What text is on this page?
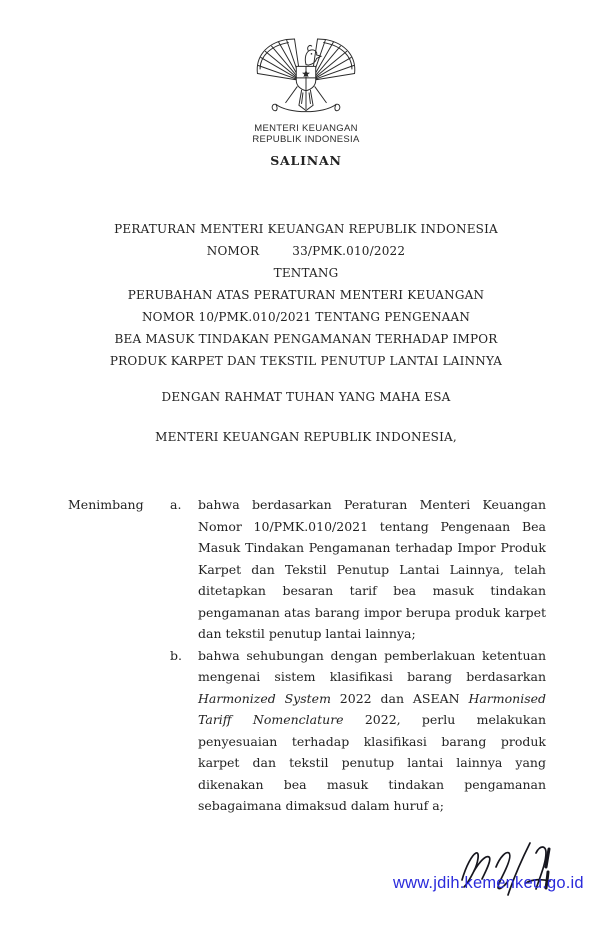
MENTERI KEUANGAN
REPUBLIK INDONESIA
SALINAN
PERATURAN MENTERI KEUANGAN REPUBLIK INDONESIA
NOMOR	33/PMK.010/2022
TENTANG
PERUBAHAN ATAS PERATURAN MENTERI KEUANGAN
NOMOR 10/PMK.010/2021 TENTANG PENGENAAN
BEA MASUK TINDAKAN PENGAMANAN TERHADAP IMPOR
PRODUK KARPET DAN TEKSTIL PENUTUP LANTAI LAINNYA
DENGAN RAHMAT TUHAN YANG MAHA ESA
MENTERI KEUANGAN REPUBLIK INDONESIA,
Menimbang	a.	bahwa berdasarkan Peraturan Menteri Keuangan Nomor 10/PMK.010/2021 tentang Pengenaan Bea Masuk Tindakan Pengamanan terhadap Impor Produk Karpet dan Tekstil Penutup Lantai Lainnya, telah ditetapkan besaran tarif bea masuk tindakan pengamanan atas barang impor berupa produk karpet dan tekstil penutup lantai lainnya;
b.	bahwa sehubungan dengan pemberlakuan ketentuan mengenai sistem klasifikasi barang berdasarkan Harmonized System 2022 dan ASEAN Harmonised Tariff Nomenclature 2022, perlu melakukan penyesuaian terhadap klasifikasi barang produk karpet dan tekstil penutup lantai lainnya yang dikenakan bea masuk tindakan pengamanan sebagaimana dimaksud dalam huruf a;
www.jdih.kemenkeu.go.id
